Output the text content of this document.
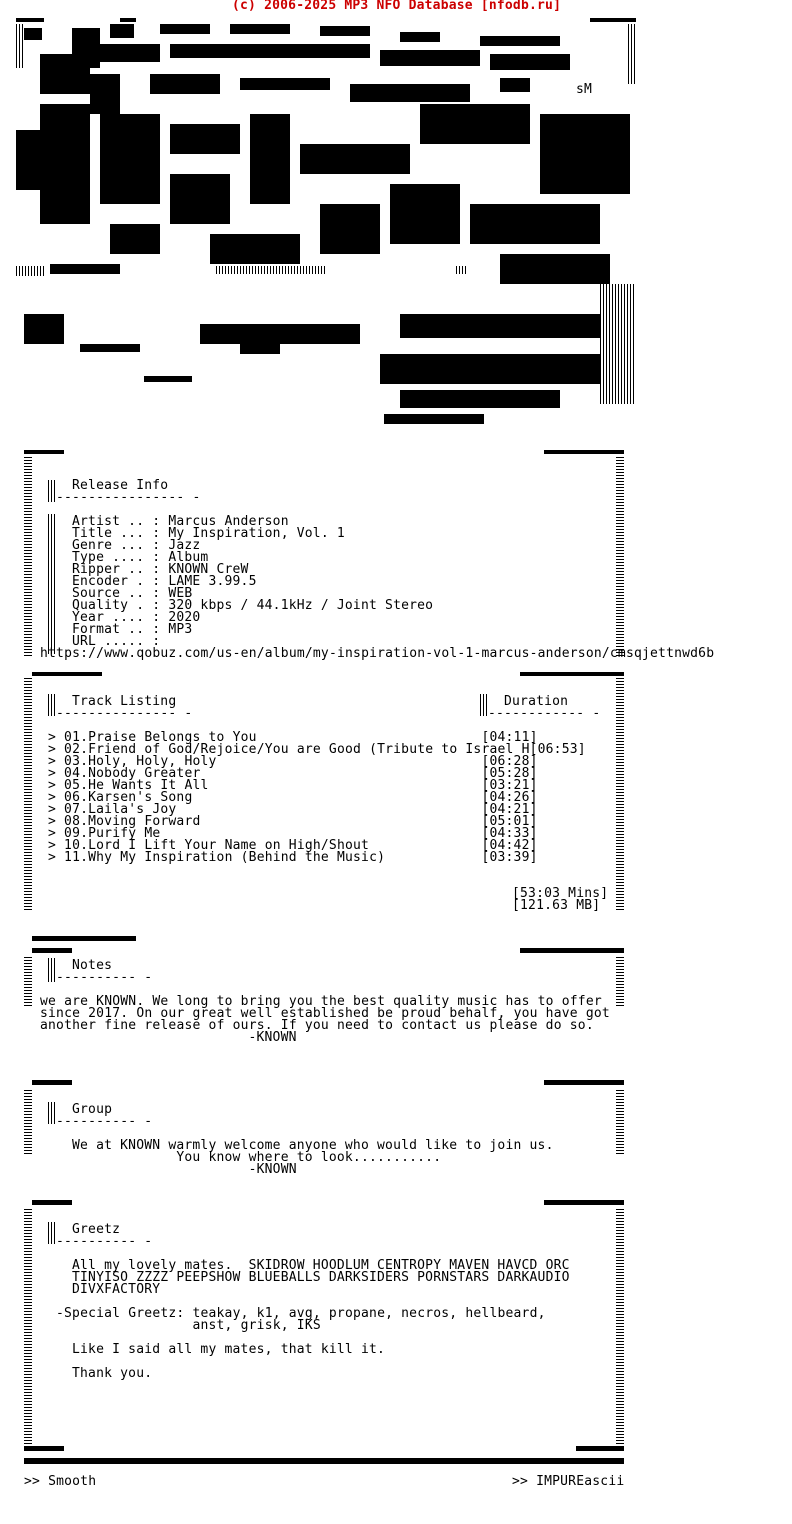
(c) 2006-2025 MP3 NFO Database [nfodb.ru]
sM
Release Info
---------------- -
Artist .. : Marcus Anderson
Title ... : My Inspiration, Vol. 1
Genre ... : Jazz
Type .... : Album
Ripper .. : KNOWN CreW
Encoder . : LAME 3.99.5
Source .. : WEB
Quality . : 320 kbps / 44.1kHz / Joint Stereo
Year .... : 2020
Format .. : MP3
URL ..... :
https://www.qobuz.com/us-en/album/my-inspiration-vol-1-marcus-anderson/cmsqjettnwd6b
Track Listing
--------------- -
Duration
------------ -
> 01.Praise Belongs to You                            [04:11]
> 02.Friend of God/Rejoice/You are Good (Tribute to Israel H[06:53]
> 03.Holy, Holy, Holy                                 [06:28]
> 04.Nobody Greater                                   [05:28]
> 05.He Wants It All                                  [03:21]
> 06.Karsen's Song                                    [04:26]
> 07.Laila's Joy                                      [04:21]
> 08.Moving Forward                                   [05:01]
> 09.Purify Me                                        [04:33]
> 10.Lord I Lift Your Name on High/Shout              [04:42]
> 11.Why My Inspiration (Behind the Music)            [03:39]
[53:03 Mins]
[121.63 MB]
Notes
---------- -
we are KNOWN. We long to bring you the best quality music has to offer
since 2017. On our great well established be proud behalf, you have got
another fine release of ours. If you need to contact us please do so.
-KNOWN
Group
---------- -
We at KNOWN warmly welcome anyone who would like to join us.
You know where to look...........
-KNOWN
Greetz
---------- -
All my lovely mates.  SKIDROW HOODLUM CENTROPY MAVEN HAVCD ORC
TINYISO ZZZZ PEEPSHOW BLUEBALLS DARKSIDERS PORNSTARS DARKAUDIO
DIVXFACTORY
-Special Greetz: teakay, k1, avg, propane, necros, hellbeard,
anst, grisk, IKS
Like I said all my mates, that kill it.
Thank you.
>> Smooth	>> IMPUREascii
